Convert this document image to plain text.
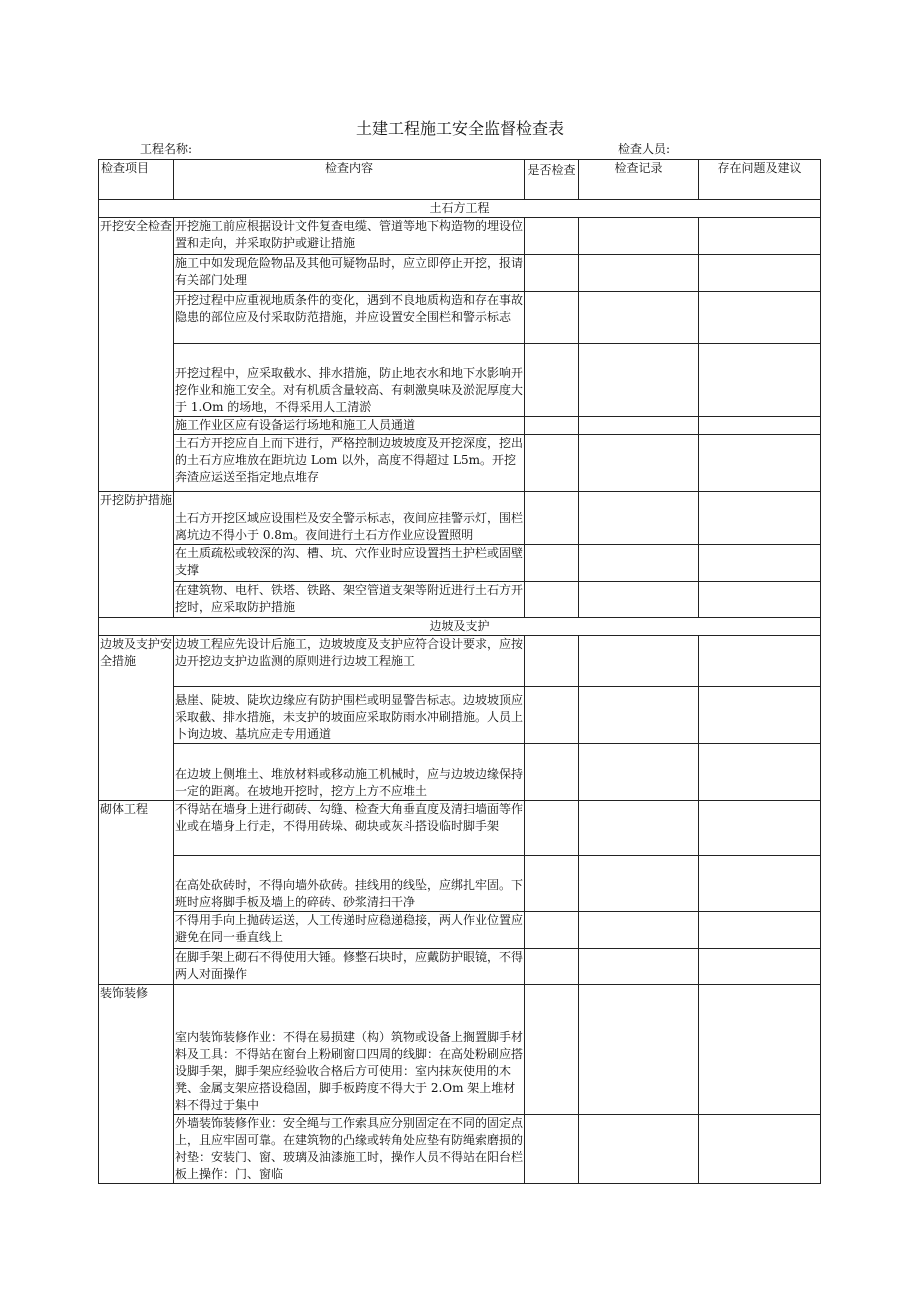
土建工程施工安全监督检查表
工程名称:	检查人员:
检查项目	检查内容	是否检查	检查记录	存在问题及建议
土石方工程				
开挖安全检查	开挖施工前应根据设计文件复查电缆、管道等地下构造物的埋设位置和走向，并采取防护或避让措施			
	施工中如发现危险物品及其他可疑物品时，应立即停止开挖，报请有关部门处理			
	开挖过程中应重视地质条件的变化，遇到不良地质构造和存在事故隐患的部位应及付采取防范措施，并应设置安全围栏和警示标志			
	开挖过程中，应采取截水、排水措施，防止地衣水和地下水影响开挖作业和施工安全。对有机质含量较高、有刺激臭味及淤泥厚度大于 1.Om 的场地，不得采用人工清淤			
	施工作业区应有设备运行场地和施工人员通道			
	土石方开挖应自上而下进行，严格控制边坡坡度及开挖深度，挖出的土石方应堆放在距坑边 Lom 以外，高度不得超过 L5m。开挖奔渣应运送至指定地点堆存			
开挖防护措施	土石方开挖区域应设围栏及安全警示标志，夜间应挂警示灯，围栏离坑边不得小于 0.8m。夜间进行土石方作业应设置照明			
	在土质疏松或较深的沟、槽、坑、穴作业时应设置挡土护栏或固壁支撑			
	在建筑物、电杆、铁塔、铁路、架空管道支架等附近进行土石方开挖时，应采取防护措施			
边坡及支护				
边坡及支护安全措施	边坡工程应先设计后施工，边坡坡度及支护应符合设计要求，应按边开挖边支护边监测的原则进行边坡工程施工			
	悬崖、陡坡、陡坎边缘应有防护围栏或明显警告标志。边坡坡顶应采取截、排水措施，未支护的坡面应采取防雨水冲刷措施。人员上卜询边坡、基坑应走专用通道			
	在边坡上侧堆土、堆放材料或移动施工机械时，应与边坡边缘保持一定的距离。在坡地开挖时，挖方上方不应堆土			
砌体工程	不得站在墙身上进行砌砖、勾缝、检查大角垂直度及清扫墙面等作业或在墙身上行走，不得用砖垛、砌块或灰斗搭设临时脚手架			
	在高处砍砖时，不得向墙外砍砖。挂线用的线坠，应绑扎牢固。下班时应将脚手板及墙上的碎砖、砂浆清扫干净			
	不得用手向上抛砖运送，人工传递时应稳递稳接，两人作业位置应避免在同一垂直线上			
	在脚手架上砌石不得使用大锤。修整石块时，应戴防护眼镜，不得两人对面操作			
装饰装修	室内装饰装修作业：不得在易损建（构）筑物或设备上搁置脚手材料及工具：不得站在窗台上粉刷窗口四周的线脚：在高处粉刷应搭设脚手架，脚手架应经验收合格后方可使用：室内抹灰使用的木凳、金属支架应搭设稳固，脚手板跨度不得大于 2.Om 架上堆材料不得过于集中			
	外墙装饰装修作业：安全绳与工作索具应分别固定在不同的固定点上，且应牢固可靠。在建筑物的凸缘或转角处应垫有防绳索磨损的衬垫：安装门、窗、玻璃及油漆施工时，操作人员不得站在阳台栏板上操作：门、窗临			
